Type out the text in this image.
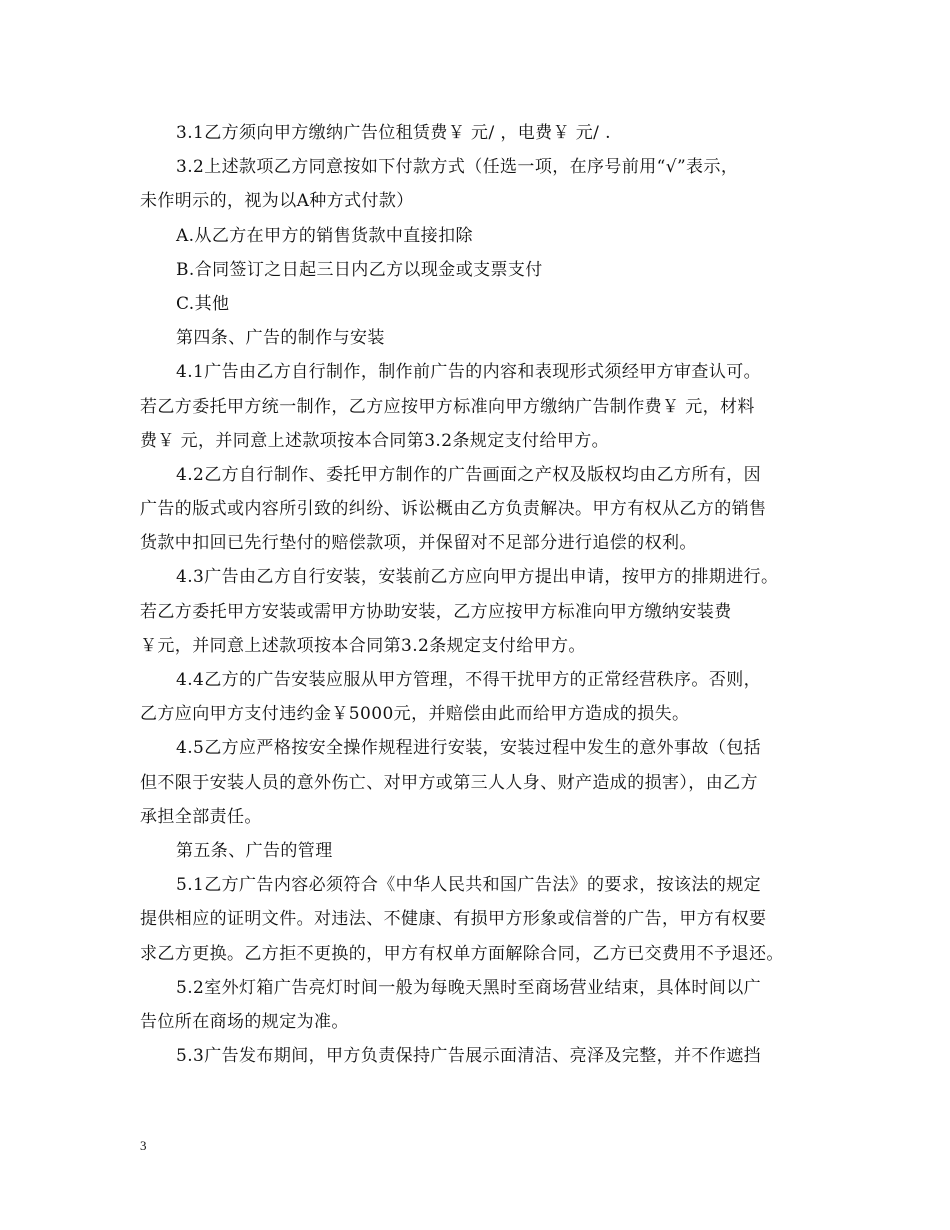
3.1乙方须向甲方缴纳广告位租赁费￥ 元/ ，电费￥ 元/ .
3.2上述款项乙方同意按如下付款方式（任选一项，在序号前用“√”表示，
未作明示的，视为以A种方式付款）
A.从乙方在甲方的销售货款中直接扣除
B.合同签订之日起三日内乙方以现金或支票支付
C.其他
第四条、广告的制作与安装
4.1广告由乙方自行制作，制作前广告的内容和表现形式须经甲方审查认可。
若乙方委托甲方统一制作，乙方应按甲方标准向甲方缴纳广告制作费￥ 元，材料
费￥ 元，并同意上述款项按本合同第3.2条规定支付给甲方。
4.2乙方自行制作、委托甲方制作的广告画面之产权及版权均由乙方所有，因
广告的版式或内容所引致的纠纷、诉讼概由乙方负责解决。甲方有权从乙方的销售
货款中扣回已先行垫付的赔偿款项，并保留对不足部分进行追偿的权利。
4.3广告由乙方自行安装，安装前乙方应向甲方提出申请，按甲方的排期进行。
若乙方委托甲方安装或需甲方协助安装，乙方应按甲方标准向甲方缴纳安装费
￥元，并同意上述款项按本合同第3.2条规定支付给甲方。
4.4乙方的广告安装应服从甲方管理，不得干扰甲方的正常经营秩序。否则，
乙方应向甲方支付违约金￥5000元，并赔偿由此而给甲方造成的损失。
4.5乙方应严格按安全操作规程进行安装，安装过程中发生的意外事故（包括
但不限于安装人员的意外伤亡、对甲方或第三人人身、财产造成的损害），由乙方
承担全部责任。
第五条、广告的管理
5.1乙方广告内容必须符合《中华人民共和国广告法》的要求，按该法的规定
提供相应的证明文件。对违法、不健康、有损甲方形象或信誉的广告，甲方有权要
求乙方更换。乙方拒不更换的，甲方有权单方面解除合同，乙方已交费用不予退还。
5.2室外灯箱广告亮灯时间一般为每晚天黑时至商场营业结束，具体时间以广
告位所在商场的规定为准。
5.3广告发布期间，甲方负责保持广告展示面清洁、亮泽及完整，并不作遮挡
3
